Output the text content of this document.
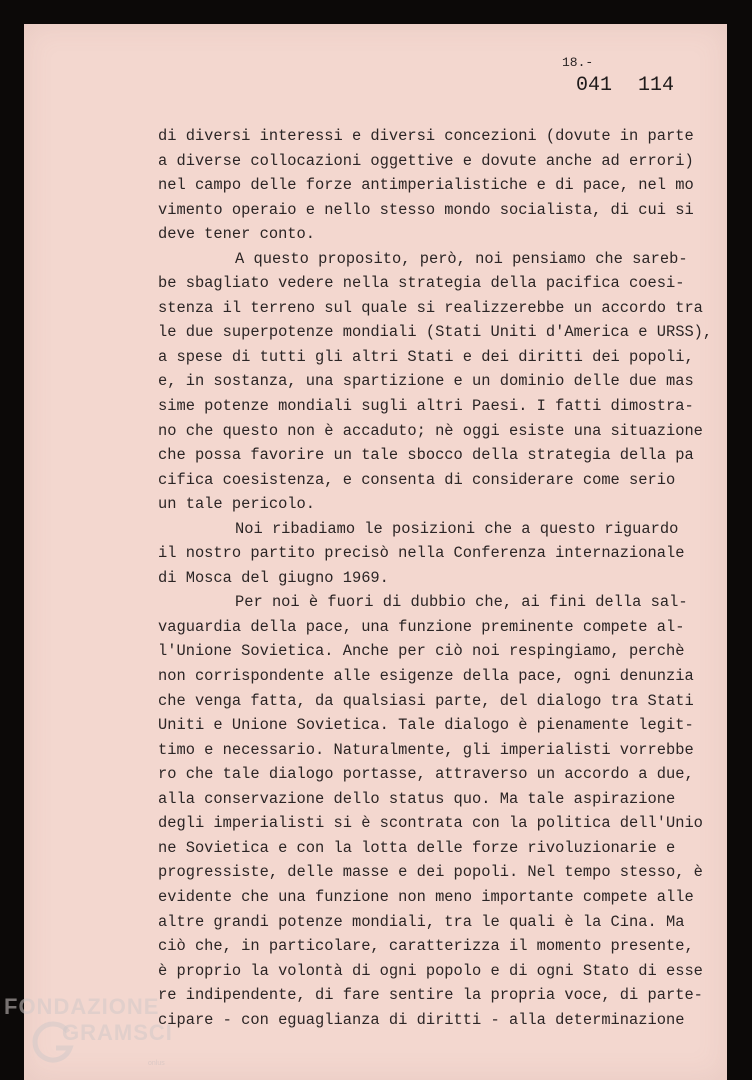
18.-
041 114
di diversi interessi e diversi concezioni (dovute in parte
a diverse collocazioni oggettive e dovute anche ad errori)
nel campo delle forze antimperialistiche e di pace, nel mo
vimento operaio e nello stesso mondo socialista, di cui si
deve tener conto.
A questo proposito, però, noi pensiamo che sareb-
be sbagliato vedere nella strategia della pacifica coesi-
stenza il terreno sul quale si realizzerebbe un accordo tra
le due superpotenze mondiali (Stati Uniti d'America e URSS),
a spese di tutti gli altri Stati e dei diritti dei popoli,
e, in sostanza, una spartizione e un dominio delle due mas
sime potenze mondiali sugli altri Paesi. I fatti dimostra-
no che questo non è accaduto; nè oggi esiste una situazione
che possa favorire un tale sbocco della strategia della pa
cifica coesistenza, e consenta di considerare come serio
un tale pericolo.
Noi ribadiamo le posizioni che a questo riguardo
il nostro partito precisò nella Conferenza internazionale
di Mosca del giugno 1969.
Per noi è fuori di dubbio che, ai fini della sal-
vaguardia della pace, una funzione preminente compete al-
l'Unione Sovietica. Anche per ciò noi respingiamo, perchè
non corrispondente alle esigenze della pace, ogni denunzia
che venga fatta, da qualsiasi parte, del dialogo tra Stati
Uniti e Unione Sovietica. Tale dialogo è pienamente legit-
timo e necessario. Naturalmente, gli imperialisti vorrebbe
ro che tale dialogo portasse, attraverso un accordo a due,
alla conservazione dello status quo. Ma tale aspirazione
degli imperialisti si è scontrata con la politica dell'Unio
ne Sovietica e con la lotta delle forze rivoluzionarie e
progressiste, delle masse e dei popoli. Nel tempo stesso, è
evidente che una funzione non meno importante compete alle
altre grandi potenze mondiali, tra le quali è la Cina. Ma
ciò che, in particolare, caratterizza il momento presente,
è proprio la volontà di ogni popolo e di ogni Stato di esse
re indipendente, di fare sentire la propria voce, di parte-
cipare - con eguaglianza di diritti - alla determinazione
FONDAZIONE
GRAMSCI
onlus
